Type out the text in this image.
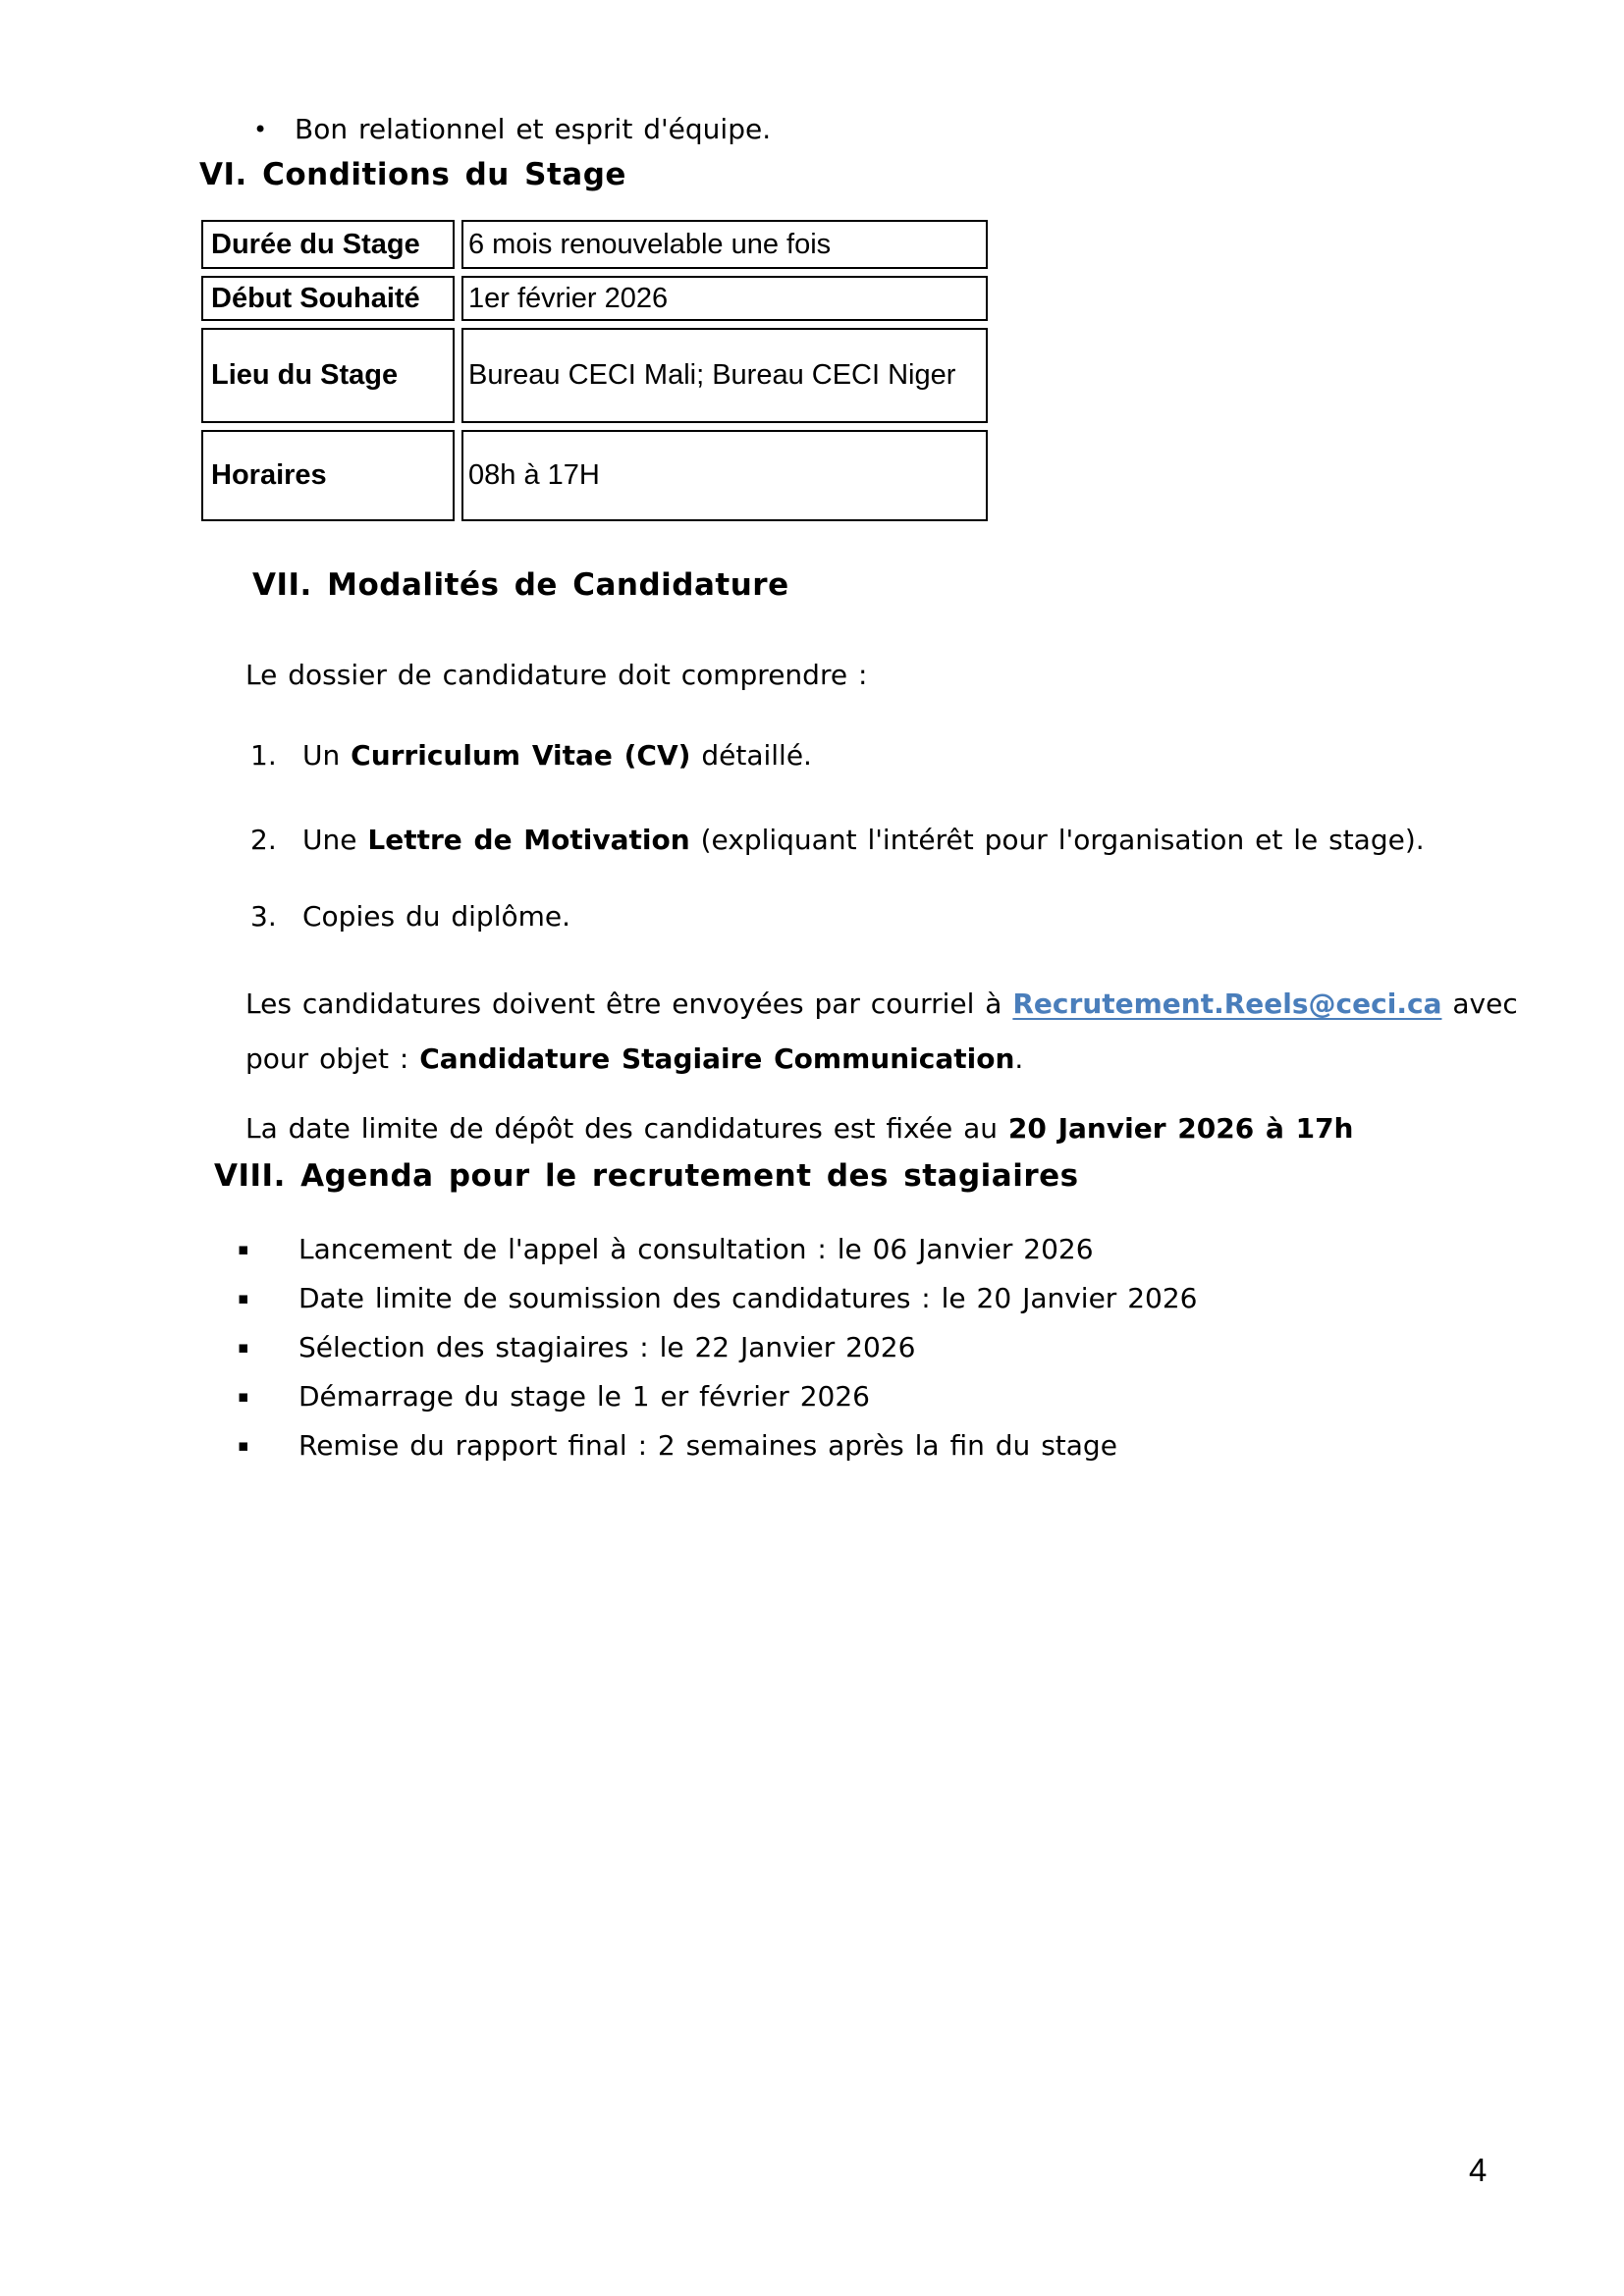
• Bon relationnel et esprit d'équipe.
VI. Conditions du Stage
Durée du Stage	6 mois renouvelable une fois
Début Souhaité	1er février 2026
Lieu du Stage	Bureau CECI Mali; Bureau CECI Niger
Horaires	08h à 17H
VII. Modalités de Candidature
Le dossier de candidature doit comprendre :
1. Un Curriculum Vitae (CV) détaillé.
2. Une Lettre de Motivation (expliquant l'intérêt pour l'organisation et le stage).
3. Copies du diplôme.
Les candidatures doivent être envoyées par courriel à Recrutement.Reels@ceci.ca avec
pour objet : Candidature Stagiaire Communication.
La date limite de dépôt des candidatures est fixée au 20 Janvier 2026 à 17h
VIII. Agenda pour le recrutement des stagiaires
▪	Lancement de l'appel à consultation : le 06 Janvier 2026
▪	Date limite de soumission des candidatures : le 20 Janvier 2026
▪	Sélection des stagiaires : le 22 Janvier 2026
▪	Démarrage du stage le 1 er février 2026
▪	Remise du rapport final : 2 semaines après la fin du stage
4
